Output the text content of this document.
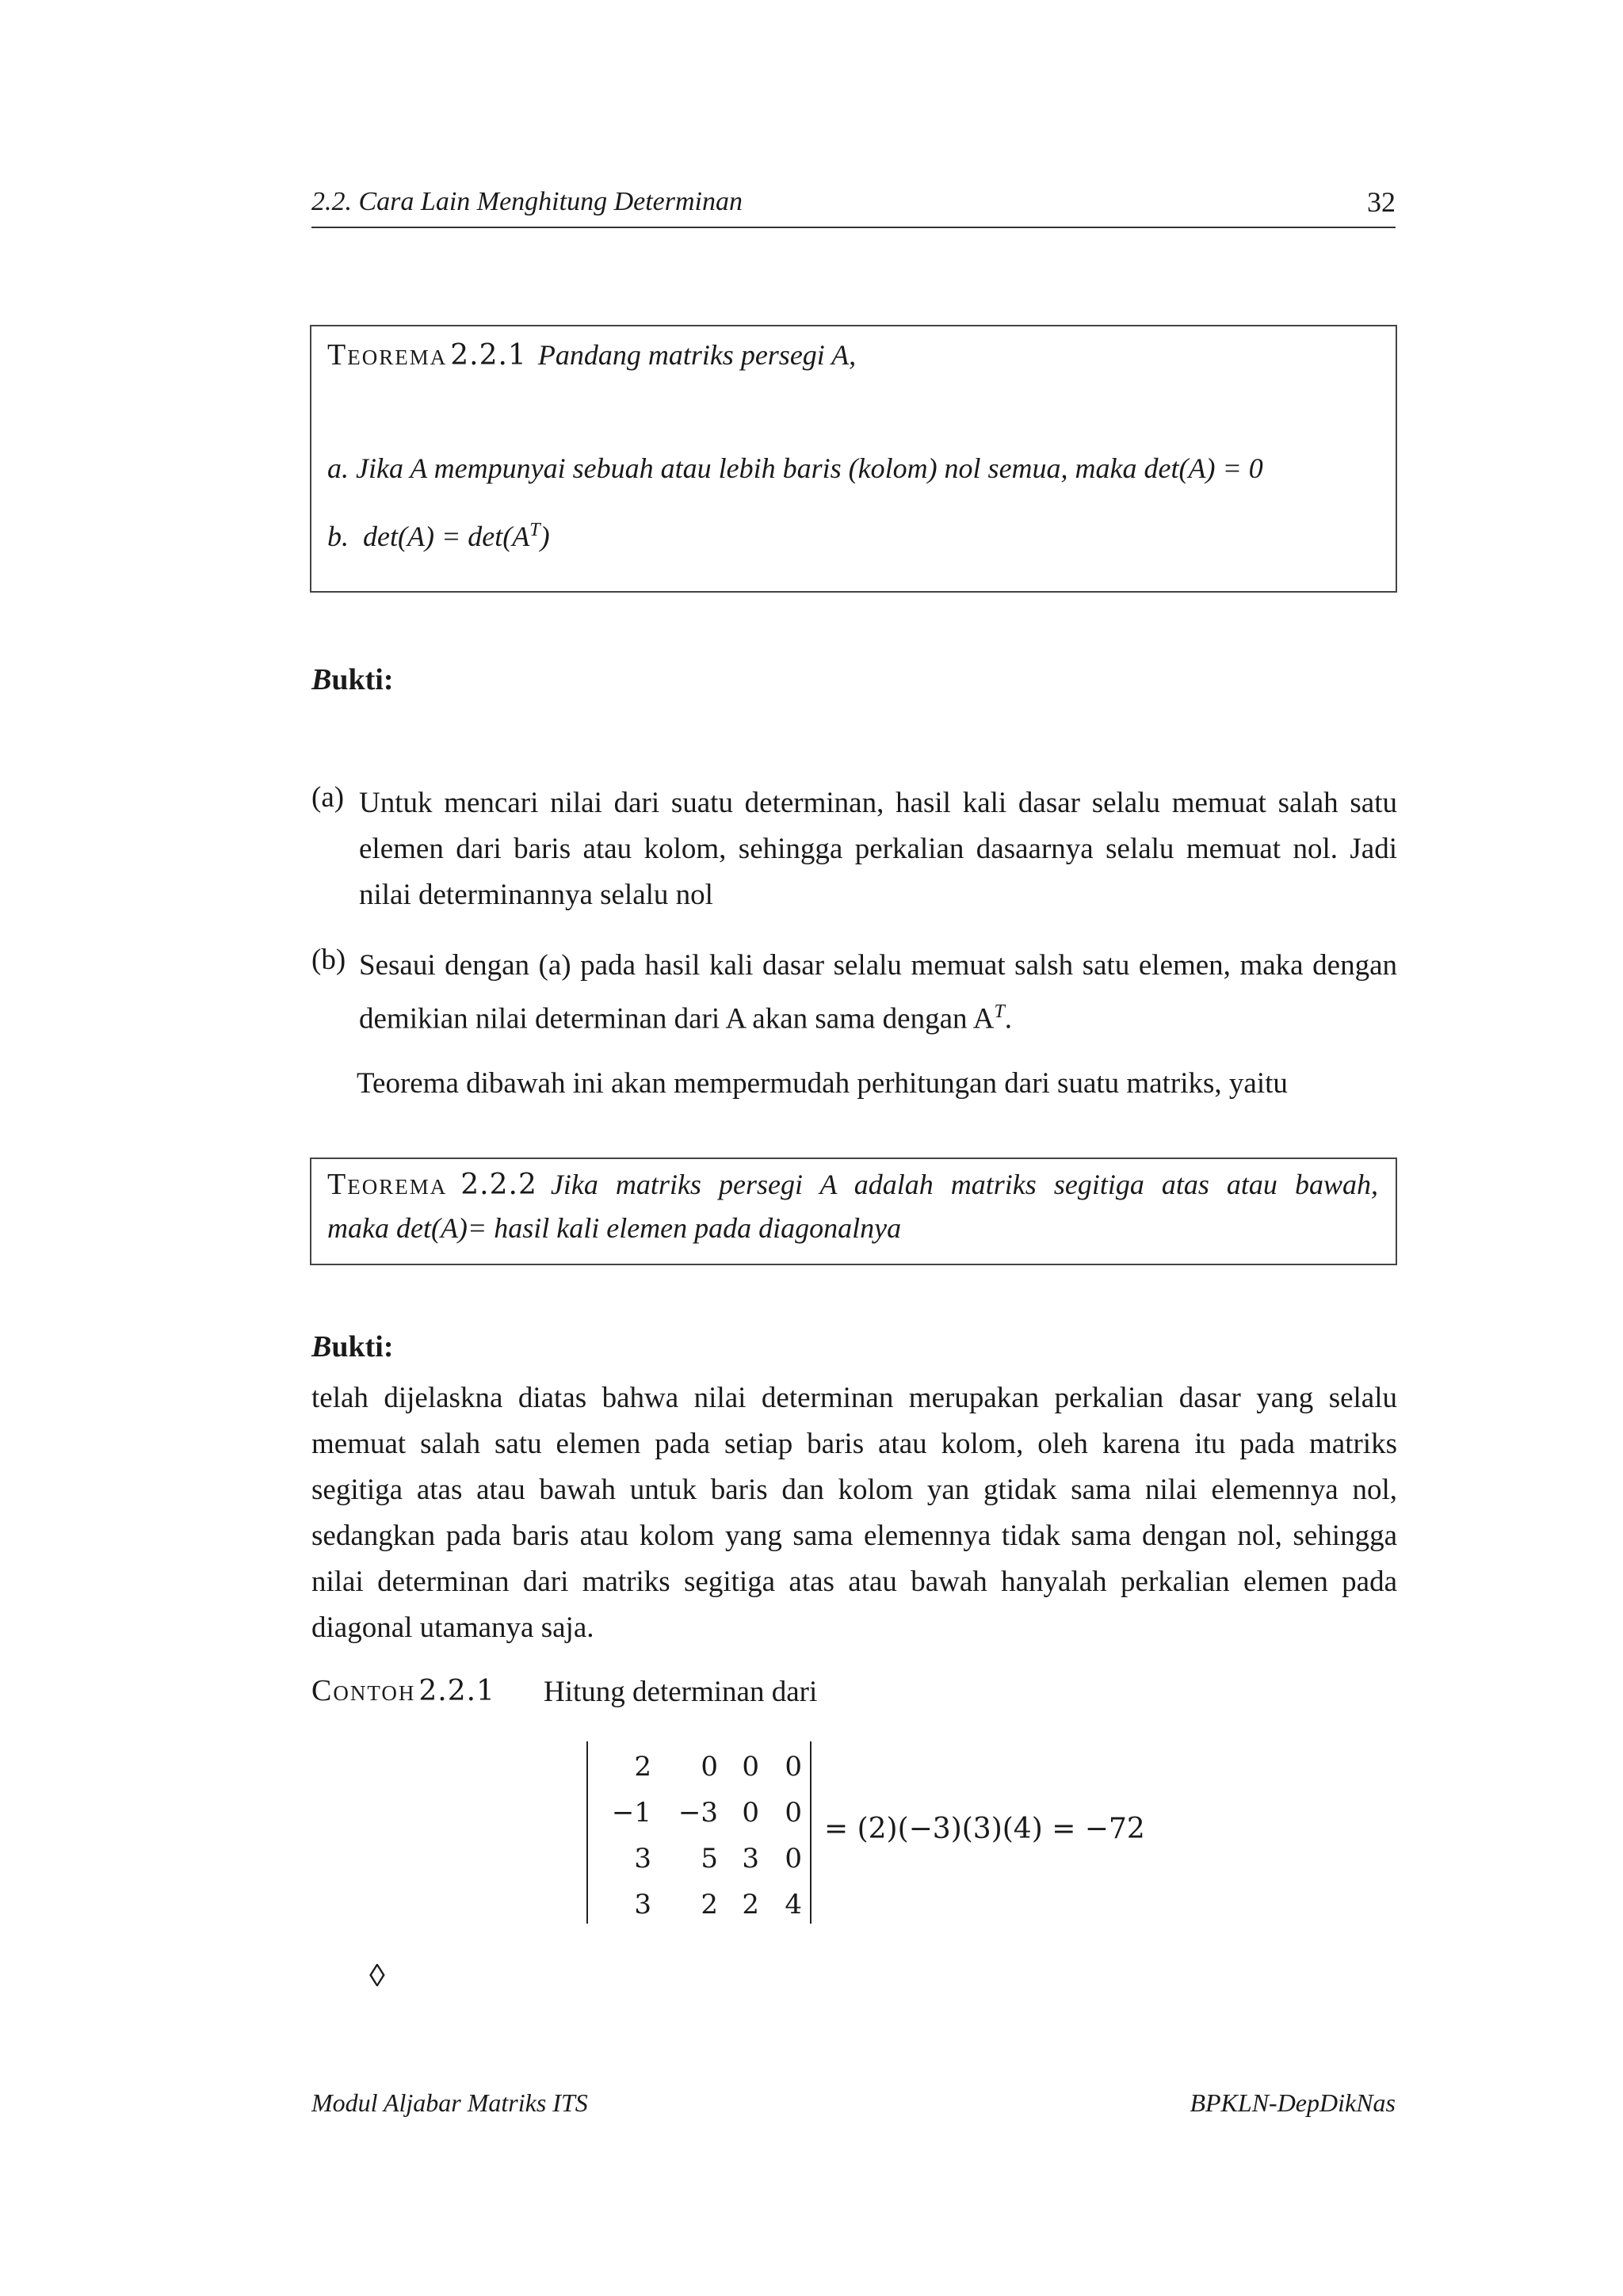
2.2. Cara Lain Menghitung Determinan	32
Teorema 2.2.1 Pandang matriks persegi A,
a. Jika A mempunyai sebuah atau lebih baris (kolom) nol semua, maka det(A) = 0
b.  $\det(A) = \det(A^T)$
Bukti:
(a) Untuk mencari nilai dari suatu determinan, hasil kali dasar selalu memuat salah satu elemen dari baris atau kolom, sehingga perkalian dasaarnya selalu memuat nol. Jadi nilai determinannya selalu nol
(b) Sesaui dengan (a) pada hasil kali dasar selalu memuat salsh satu elemen, maka dengan demikian nilai determinan dari A akan sama dengan $A^T$.
Teorema dibawah ini akan mempermudah perhitungan dari suatu matriks, yaitu
Teorema 2.2.2 Jika matriks persegi A adalah matriks segitiga atas atau bawah,
maka det(A)= hasil kali elemen pada diagonalnya
Bukti:
telah dijelaskna diatas bahwa nilai determinan merupakan perkalian dasar yang selalu memuat salah satu elemen pada setiap baris atau kolom, oleh karena itu pada matriks segitiga atas atau bawah untuk baris dan kolom yan gtidak sama nilai elemennya nol, sedangkan pada baris atau kolom yang sama elemennya tidak sama dengan nol, sehingga nilai determinan dari matriks segitiga atas atau bawah hanyalah perkalian elemen pada diagonal utamanya saja.
Contoh 2.2.1 Hitung determinan dari
2	0 0 0
−1 −3 0 0
3	5 3 0
3	2 2 4
= (2)(−3)(3)(4) = −72
◊
Modul Aljabar Matriks ITS	BPKLN-DepDikNas
